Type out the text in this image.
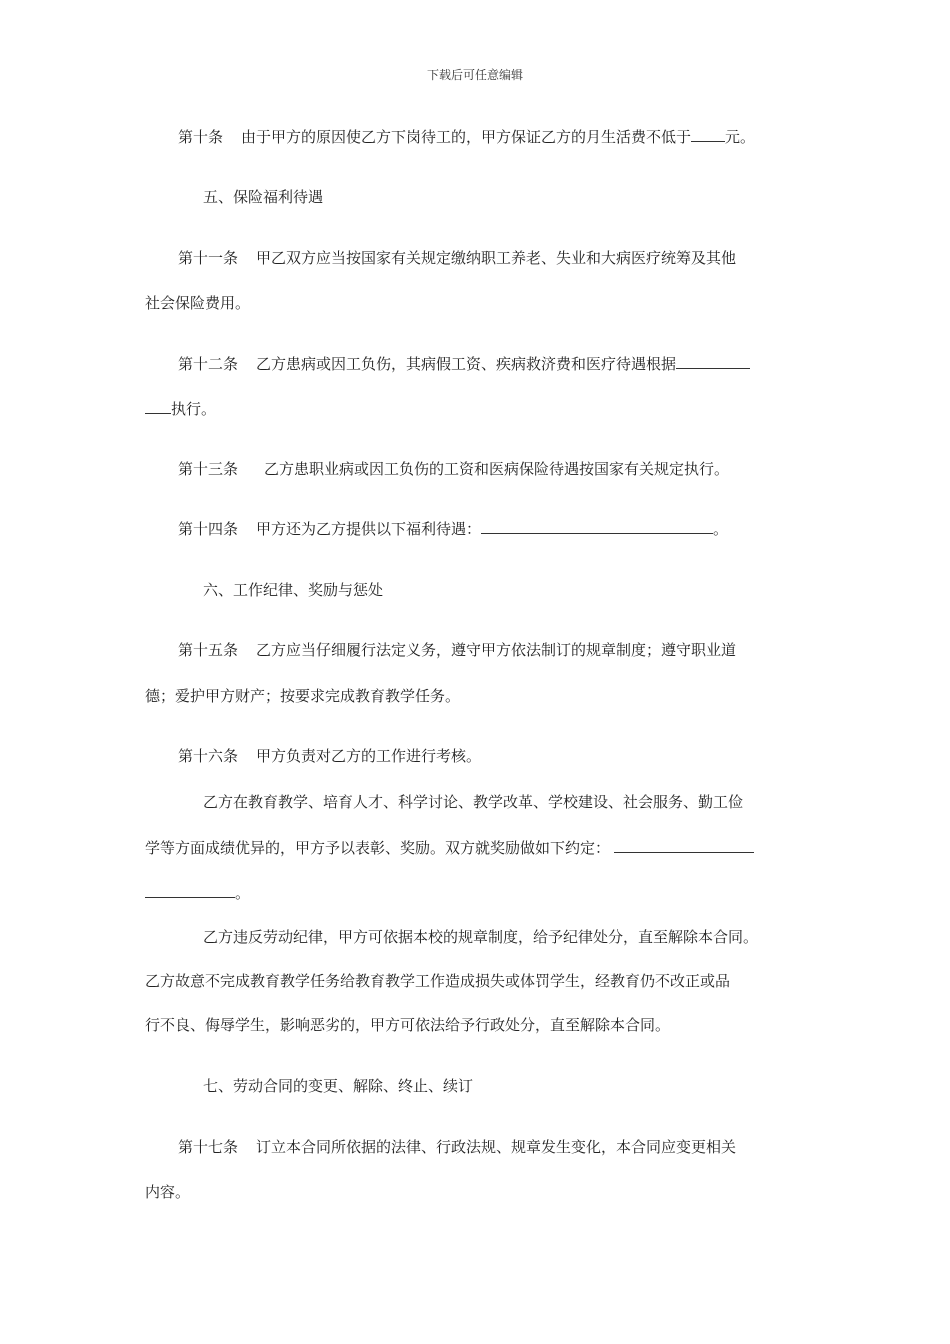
下载后可任意编辑
第十条 由于甲方的原因使乙方下岗待工的，甲方保证乙方的月生活费不低于 元。
五、保险福利待遇
第十一条 甲乙双方应当按国家有关规定缴纳职工养老、失业和大病医疗统筹及其他
社会保险费用。
第十二条 乙方患病或因工负伤，其病假工资、疾病救济费和医疗待遇根据
执行。
第十三条 乙方患职业病或因工负伤的工资和医病保险待遇按国家有关规定执行。
第十四条 甲方还为乙方提供以下福利待遇：	。
六、工作纪律、奖励与惩处
第十五条 乙方应当仔细履行法定义务，遵守甲方依法制订的规章制度；遵守职业道
德；爱护甲方财产；按要求完成教育教学任务。
第十六条 甲方负责对乙方的工作进行考核。
乙方在教育教学、培育人才、科学讨论、教学改革、学校建设、社会服务、勤工俭
学等方面成绩优异的，甲方予以表彰、奖励。双方就奖励做如下约定：
。
乙方违反劳动纪律，甲方可依据本校的规章制度，给予纪律处分，直至解除本合同。
乙方故意不完成教育教学任务给教育教学工作造成损失或体罚学生，经教育仍不改正或品
行不良、侮辱学生，影响恶劣的，甲方可依法给予行政处分，直至解除本合同。
七、劳动合同的变更、解除、终止、续订
第十七条 订立本合同所依据的法律、行政法规、规章发生变化，本合同应变更相关
内容。
